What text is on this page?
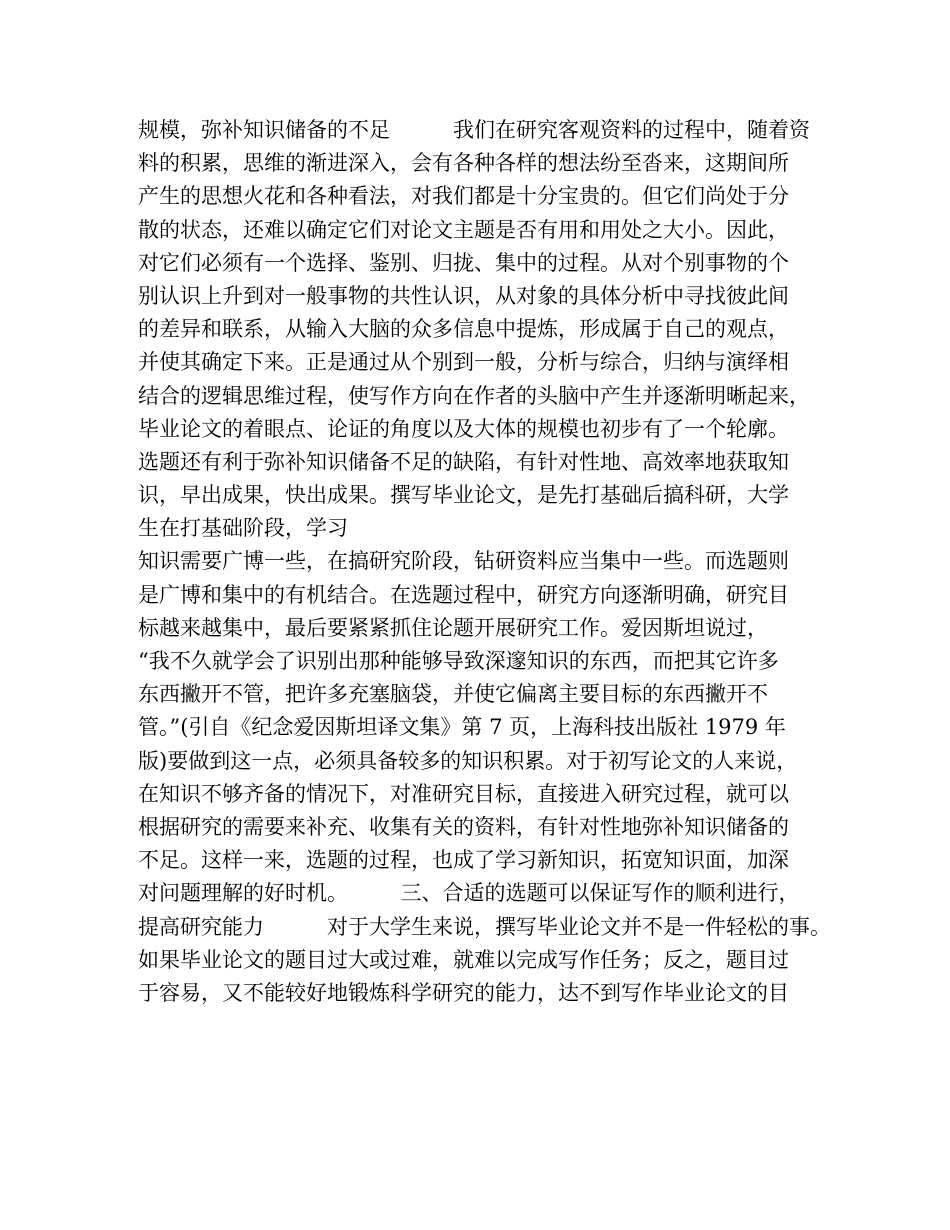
规模，弥补知识储备的不足　　　我们在研究客观资料的过程中，随着资
料的积累，思维的渐进深入，会有各种各样的想法纷至沓来，这期间所
产生的思想火花和各种看法，对我们都是十分宝贵的。但它们尚处于分
散的状态，还难以确定它们对论文主题是否有用和用处之大小。因此，
对它们必须有一个选择、鉴别、归拢、集中的过程。从对个别事物的个
别认识上升到对一般事物的共性认识，从对象的具体分析中寻找彼此间
的差异和联系，从输入大脑的众多信息中提炼，形成属于自己的观点，
并使其确定下来。正是通过从个别到一般，分析与综合，归纳与演绎相
结合的逻辑思维过程，使写作方向在作者的头脑中产生并逐渐明晰起来，
毕业论文的着眼点、论证的角度以及大体的规模也初步有了一个轮廓。
选题还有利于弥补知识储备不足的缺陷，有针对性地、高效率地获取知
识，早出成果，快出成果。撰写毕业论文，是先打基础后搞科研，大学
生在打基础阶段，学习
知识需要广博一些，在搞研究阶段，钻研资料应当集中一些。而选题则
是广博和集中的有机结合。在选题过程中，研究方向逐渐明确，研究目
标越来越集中，最后要紧紧抓住论题开展研究工作。爱因斯坦说过，
“我不久就学会了识别出那种能够导致深邃知识的东西，而把其它许多
东西撇开不管，把许多充塞脑袋，并使它偏离主要目标的东西撇开不
管。”(引自《纪念爱因斯坦译文集》第 7 页，上海科技出版社 1979 年
版)要做到这一点，必须具备较多的知识积累。对于初写论文的人来说，
在知识不够齐备的情况下，对准研究目标，直接进入研究过程，就可以
根据研究的需要来补充、收集有关的资料，有针对性地弥补知识储备的
不足。这样一来，选题的过程，也成了学习新知识，拓宽知识面，加深
对问题理解的好时机。　　　三、合适的选题可以保证写作的顺利进行，
提高研究能力　　　对于大学生来说，撰写毕业论文并不是一件轻松的事。
如果毕业论文的题目过大或过难，就难以完成写作任务；反之，题目过
于容易，又不能较好地锻炼科学研究的能力，达不到写作毕业论文的目
